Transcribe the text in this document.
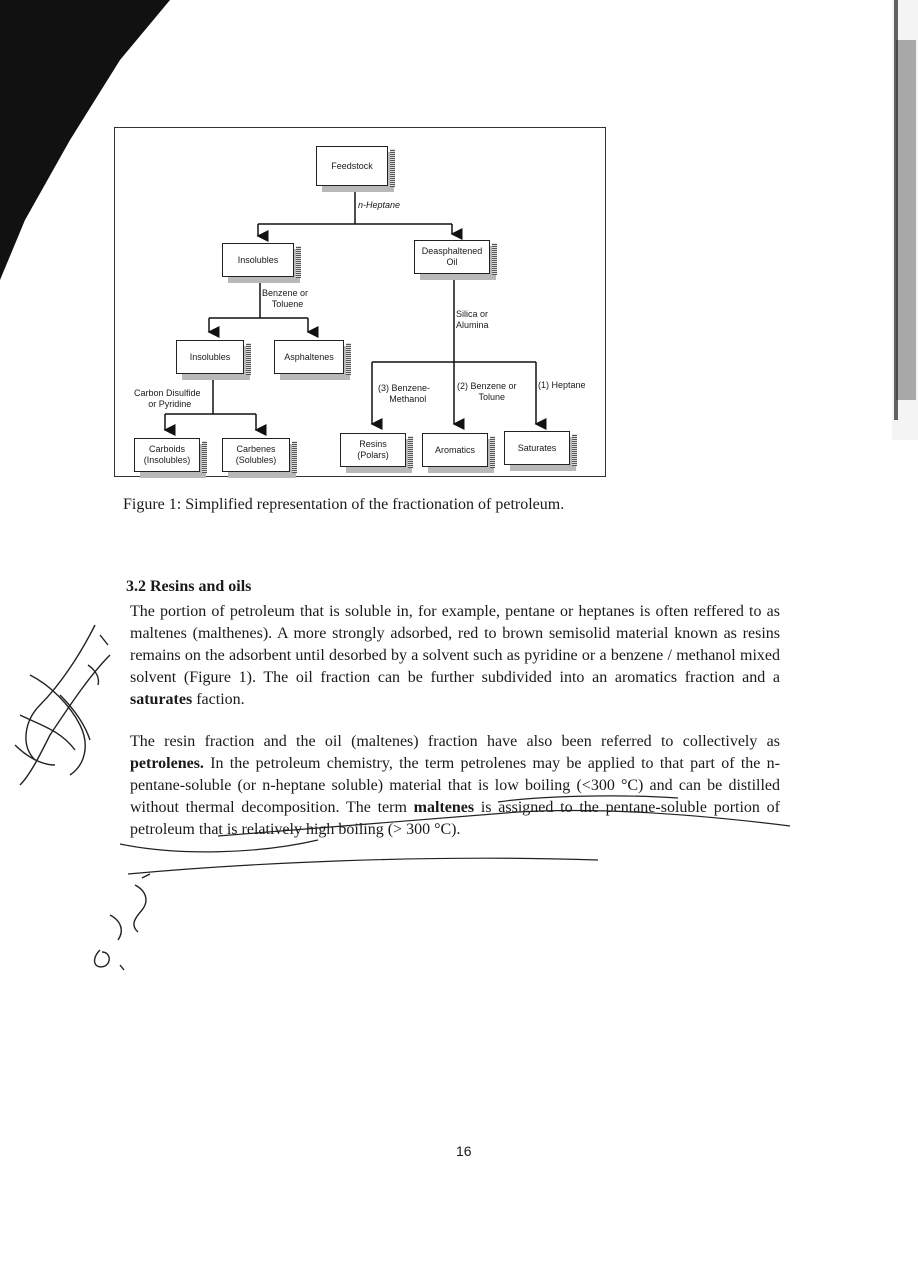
Feedstock
Insolubles
Deasphaltened
Oil
Insolubles	Asphaltenes
Carboids
(Insolubles)
Carbenes
(Solubles)
Resins
(Polars)
Aromatics	Saturates
n-Heptane
Benzene or
Toluene
Silica or
Alumina
Carbon Disulfide
or Pyridine
(3) Benzene-
Methanol
(2) Benzene or
Tolune
(1) Heptane
Figure 1: Simplified representation of the fractionation of petroleum.
3.2 Resins and oils
The portion of petroleum that is soluble in, for example, pentane or heptanes is often reffered to as maltenes (malthenes). A more strongly adsorbed, red to brown semisolid material known as resins remains on the adsorbent until desorbed by a solvent such as pyridine or a benzene / methanol mixed solvent (Figure 1). The oil fraction can be further subdivided into an aromatics fraction and a saturates faction.
The resin fraction and the oil (maltenes) fraction have also been referred to collectively as petrolenes. In the petroleum chemistry, the term petrolenes may be applied to that part of the n-pentane-soluble (or n-heptane soluble) material that is low boiling (<300 °C) and can be distilled without thermal decomposition. The term maltenes is assigned to the pentane-soluble portion of petroleum that is relatively high boiling (> 300 °C).
16
